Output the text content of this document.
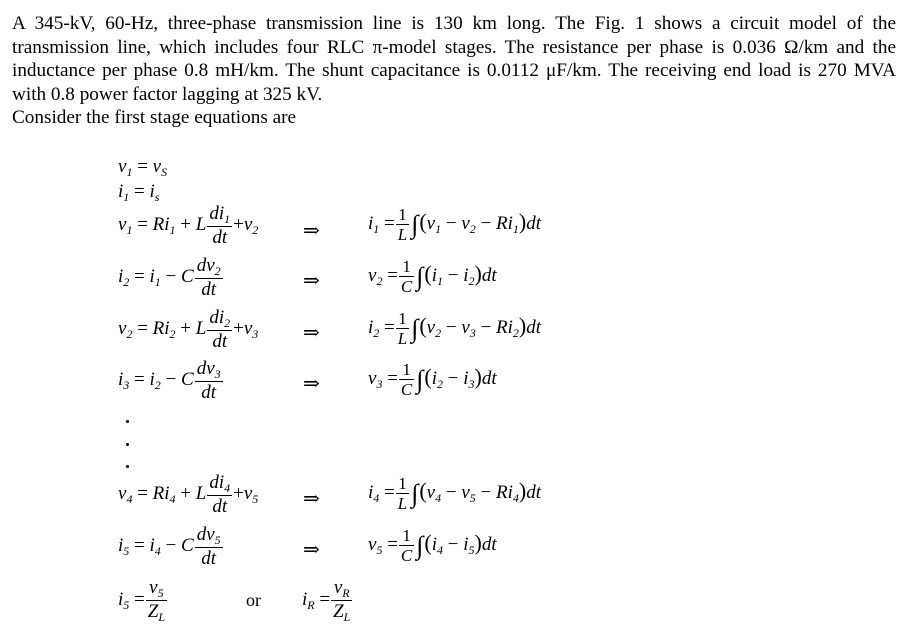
A 345-kV, 60-Hz, three-phase transmission line is 130 km long. The Fig. 1 shows a circuit model of the
transmission line, which includes four RLC π-model stages. The resistance per phase is 0.036 Ω/km and the
inductance per phase 0.8 mH/km. The shunt capacitance is 0.0112 μF/km. The receiving end load is 270 MVA
with 0.8 power factor lagging at 325 kV.
Consider the first stage equations are
$v_1 = v_S$
$i_1 = i_s$
$v_1 = Ri_1 + L \frac{di_1}{dt} +v_2$ ⇒	$i_1 = \frac{1}{L} \int(v_1 - v_2 - Ri_1)dt$
$i_2 = i_1 - C \frac{dv_2}{dt}$	⇒	$v_2 = \frac{1}{C} \int(i_1 - i_2)dt$
$v_2 = Ri_2 + L \frac{di_2}{dt} +v_3$ ⇒	$i_2 = \frac{1}{L} \int(v_2 - v_3 - Ri_2)dt$
$i_3 = i_2 - C \frac{dv_3}{dt}$	⇒	$v_3 = \frac{1}{C} \int(i_2 - i_3)dt$
$v_4 = Ri_4 + L \frac{di_4}{dt} +v_5$ ⇒	$i_4 = \frac{1}{L} \int(v_4 - v_5 - Ri_4)dt$
$i_5 = i_4 - C \frac{dv_5}{dt}$	⇒	$v_5 = \frac{1}{C} \int(i_4 - i_5)dt$
$i_5 = \frac{v_5}{Z_L}$	or $i_R = \frac{v_R}{Z_L}$
